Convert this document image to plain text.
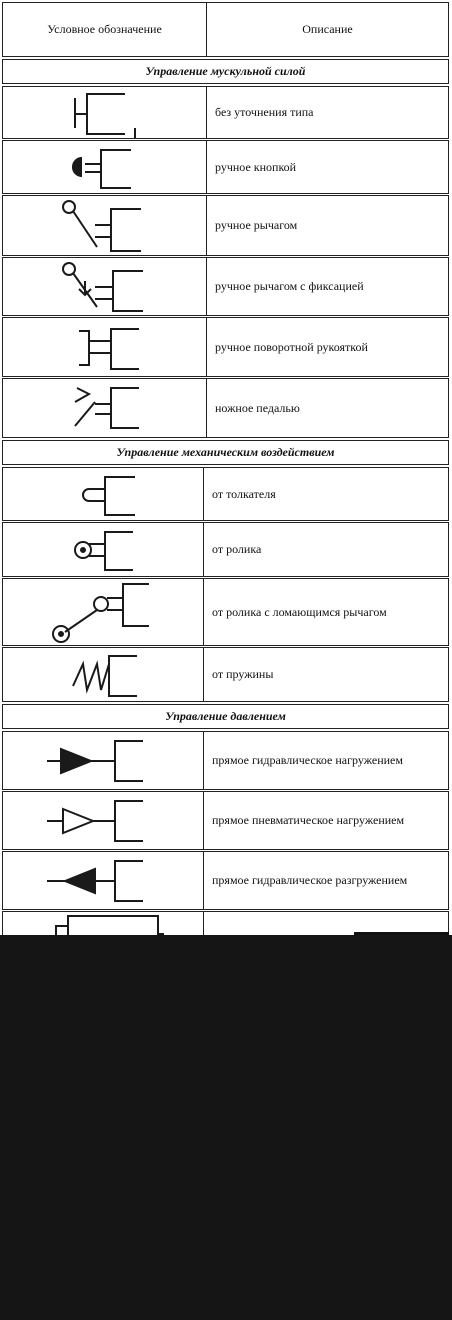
Условное обозначение	Описание
Управление мускульной силой
без уточнения типа
ручное кнопкой
ручное рычагом
ручное рычагом с фиксацией
ручное поворотной рукояткой
ножное педалью
Управление механическим воздействием
от толкателя
от ролика
от ролика с ломающимся рычагом
от пружины
Управление давлением
прямое гидравлическое нагружением
прямое пневматическое нагружением
прямое гидравлическое разгружением
